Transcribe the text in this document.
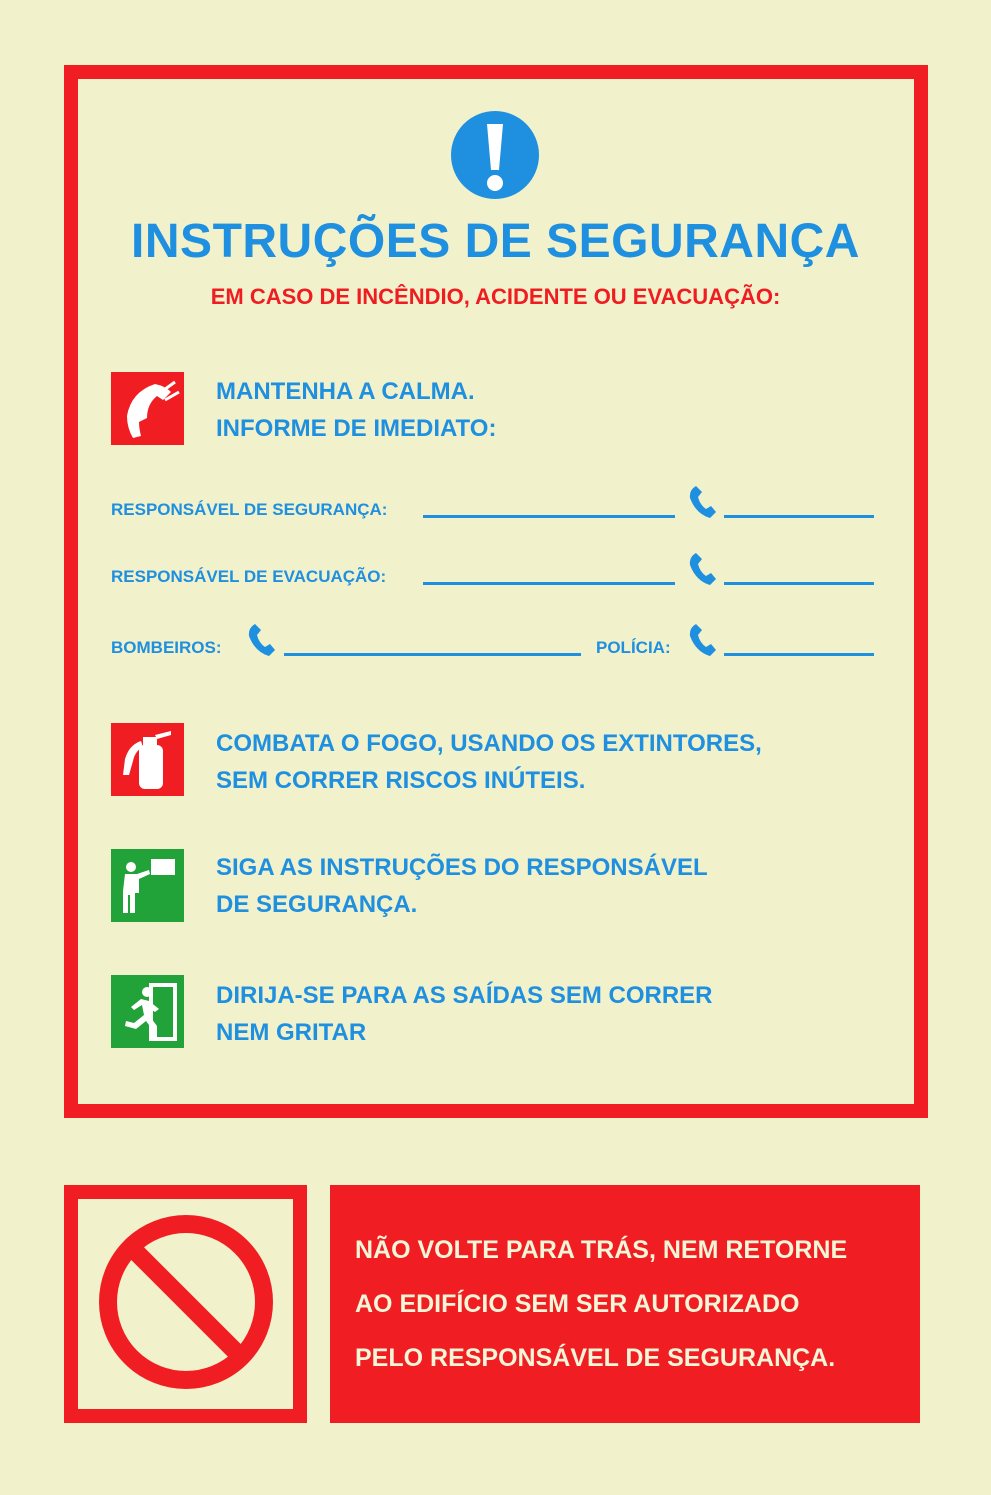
INSTRUÇÕES DE SEGURANÇA
EM CASO DE INCÊNDIO, ACIDENTE OU EVACUAÇÃO:
MANTENHA A CALMA.
INFORME DE IMEDIATO:
RESPONSÁVEL DE SEGURANÇA:
RESPONSÁVEL DE EVACUAÇÃO:
BOMBEIROS:	POLÍCIA:
COMBATA O FOGO, USANDO OS EXTINTORES,
SEM CORRER RISCOS INÚTEIS.
SIGA AS INSTRUÇÕES DO RESPONSÁVEL
DE SEGURANÇA.
DIRIJA-SE PARA AS SAÍDAS SEM CORRER
NEM GRITAR
NÃO VOLTE PARA TRÁS, NEM RETORNE
AO EDIFÍCIO SEM SER AUTORIZADO
PELO RESPONSÁVEL DE SEGURANÇA.
